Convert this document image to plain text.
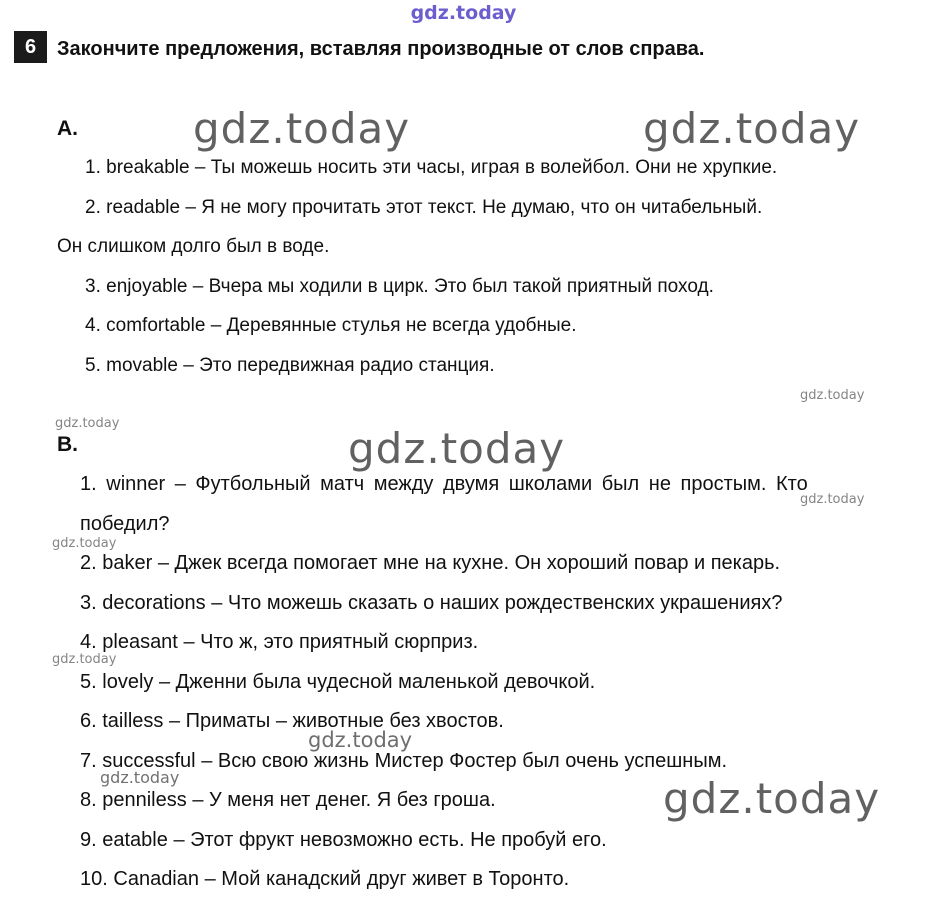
gdz.today
gdz.today	gdz.today
gdz.today
gdz.today
gdz.today
gdz.today
gdz.today
gdz.today
gdz.today
gdz.today
gdz.today
6	Закончите предложения, вставляя производные от слов справа.
А.

1. breakable – Ты можешь носить эти часы, играя в волейбол. Они не хрупкие.

2. readable – Я не могу прочитать этот текст. Не думаю, что он читабельный.
Он слишком долго был в воде.

3. enjoyable – Вчера мы ходили в цирк. Это был такой приятный поход.

4. comfortable – Деревянные стулья не всегда удобные.

5. movable – Это передвижная радио станция.

В.

1. winner – Футбольный матч между двумя школами был не простым. Кто
победил?

2. baker – Джек всегда помогает мне на кухне. Он хороший повар и пекарь.

3. decorations – Что можешь сказать о наших рождественских украшениях?

4. pleasant – Что ж, это приятный сюрприз.

5. lovely – Дженни была чудесной маленькой девочкой.

6. tailless – Приматы – животные без хвостов.

7. successful – Всю свою жизнь Мистер Фостер был очень успешным.

8. penniless – У меня нет денег. Я без гроша.

9. eatable – Этот фрукт невозможно есть. Не пробуй его.

10. Canadian – Мой канадский друг живет в Торонто.
